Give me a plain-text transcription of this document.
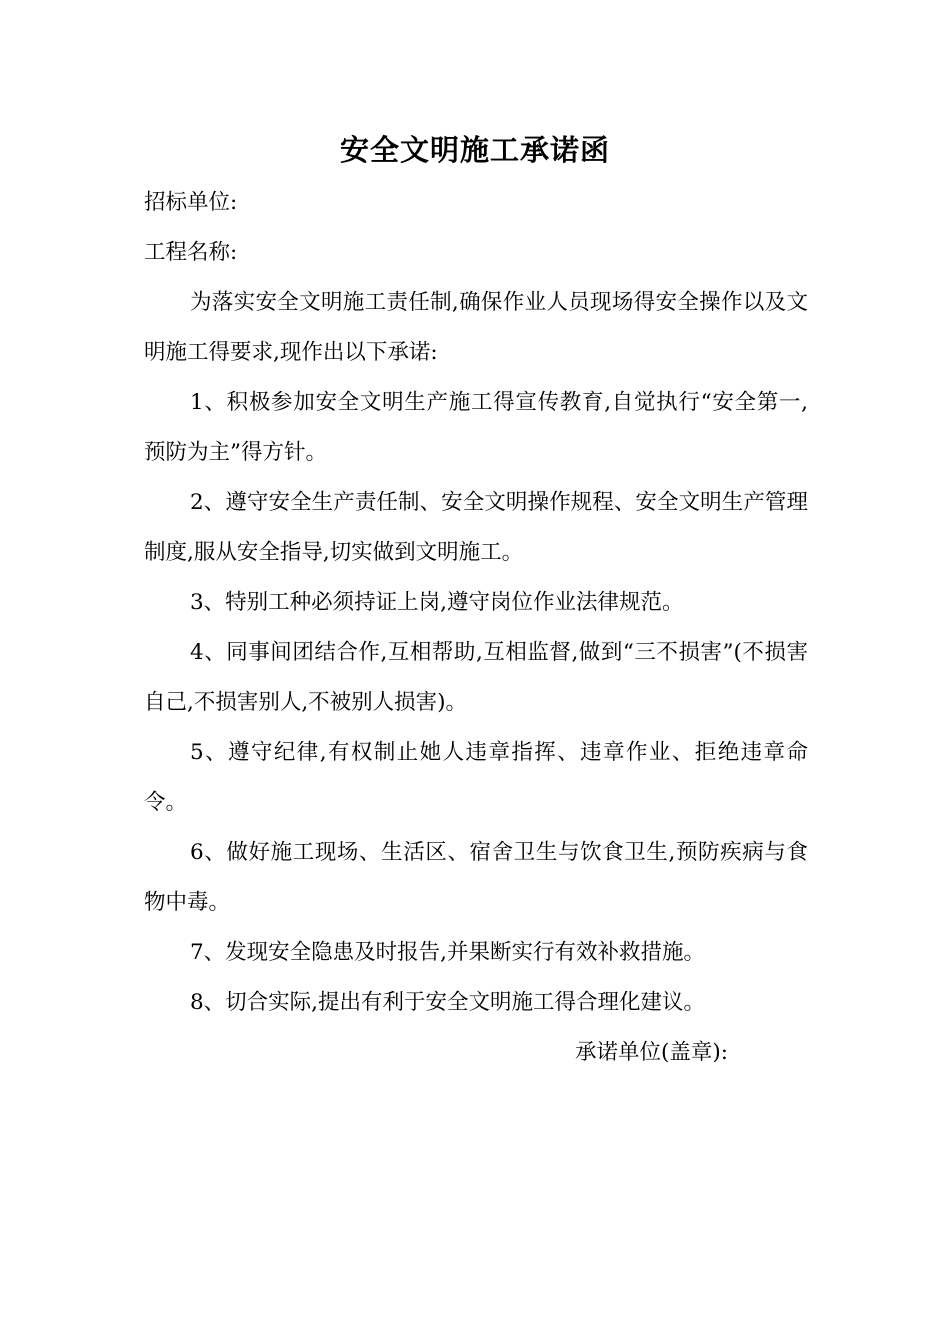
安全文明施工承诺函

招标单位:

工程名称:

为落实安全文明施工责任制,确保作业人员现场得安全操作以及文明施工得要求,现作出以下承诺:

1、积极参加安全文明生产施工得宣传教育,自觉执行“安全第一,预防为主”得方针。

2、遵守安全生产责任制、安全文明操作规程、安全文明生产管理制度,服从安全指导,切实做到文明施工。

3、特别工种必须持证上岗,遵守岗位作业法律规范。

4、同事间团结合作,互相帮助,互相监督,做到“三不损害”(不损害自己,不损害别人,不被别人损害)。

5、遵守纪律,有权制止她人违章指挥、违章作业、拒绝违章命令。

6、做好施工现场、生活区、宿舍卫生与饮食卫生,预防疾病与食物中毒。

7、发现安全隐患及时报告,并果断实行有效补救措施。

8、切合实际,提出有利于安全文明施工得合理化建议。

承诺单位(盖章):
